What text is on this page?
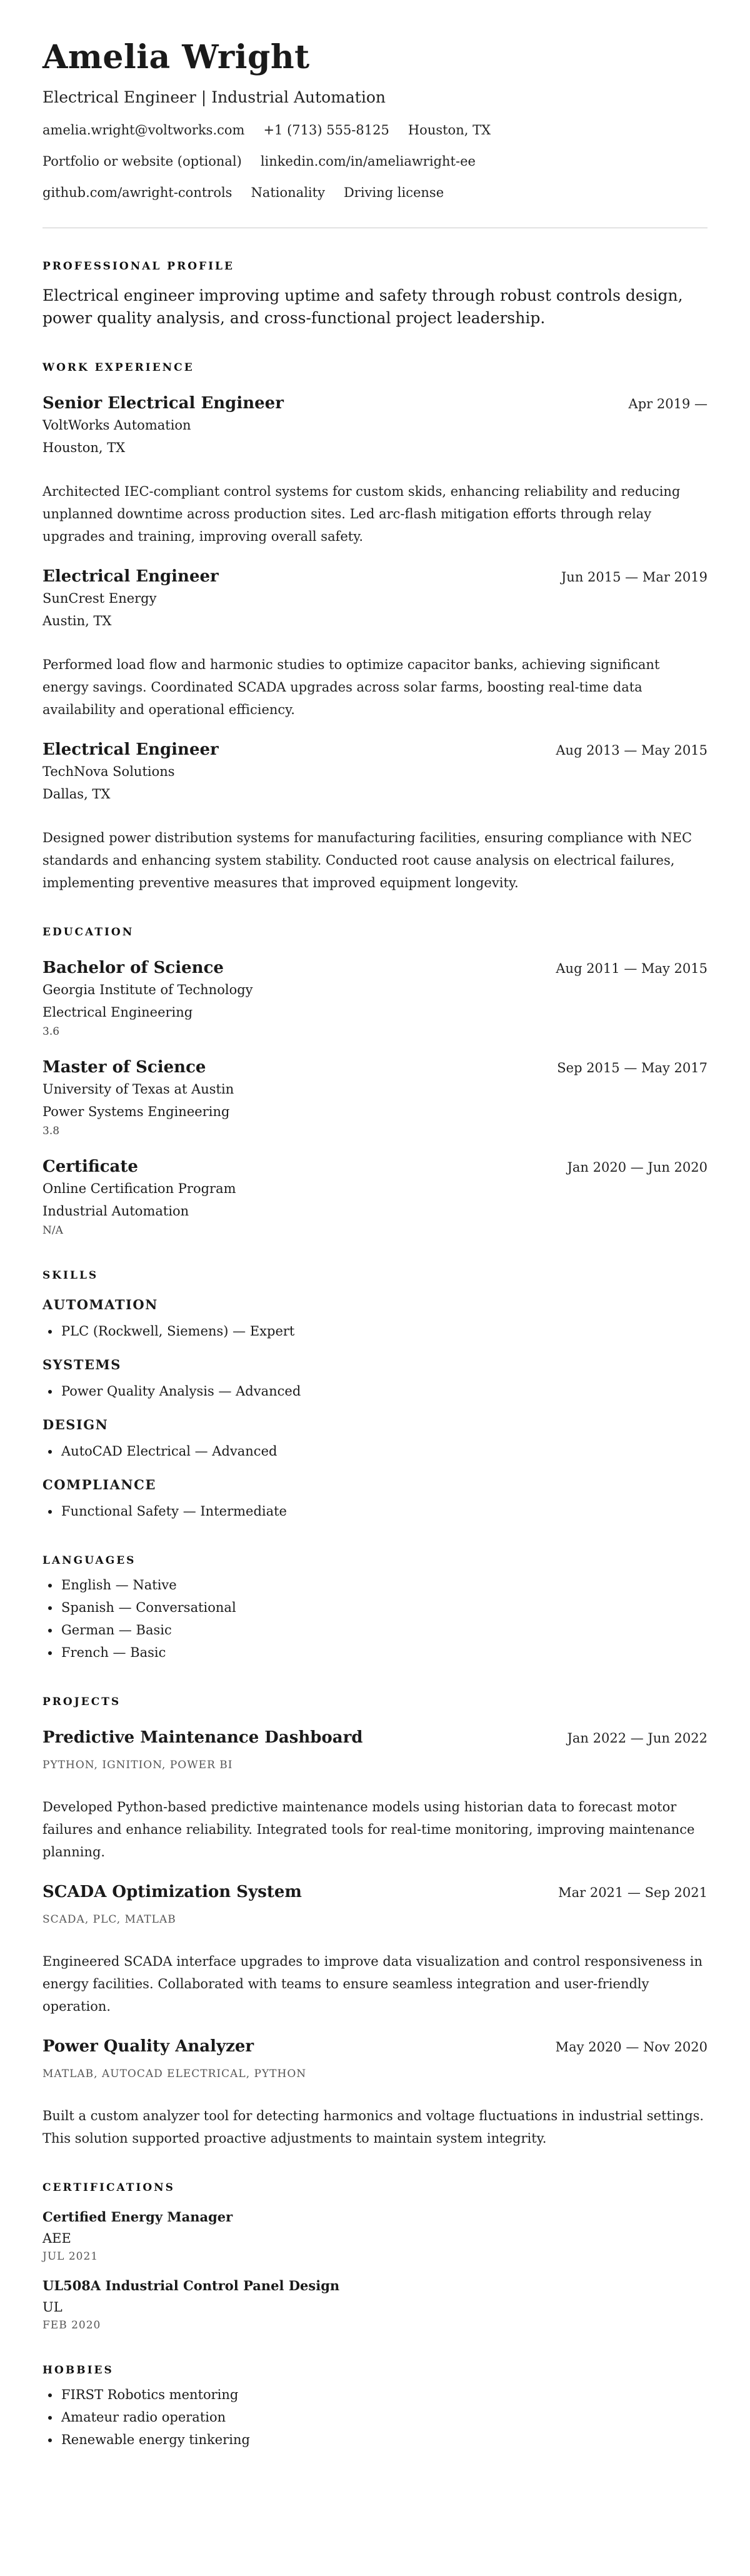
Amelia Wright
Electrical Engineer | Industrial Automation
amelia.wright@voltworks.com +1 (713) 555-8125 Houston, TX
Portfolio or website (optional) linkedin.com/in/ameliawright-ee
github.com/awright-controls Nationality Driving license
PROFESSIONAL PROFILE
Electrical engineer improving uptime and safety through robust controls design, power quality analysis, and cross-functional project leadership.
WORK EXPERIENCE
Senior Electrical Engineer	Apr 2019 —
VoltWorks Automation
Houston, TX
Architected IEC-compliant control systems for custom skids, enhancing reliability and reducing unplanned downtime across production sites. Led arc-flash mitigation efforts through relay upgrades and training, improving overall safety.
Electrical Engineer	Jun 2015 — Mar 2019
SunCrest Energy
Austin, TX
Performed load flow and harmonic studies to optimize capacitor banks, achieving significant energy savings. Coordinated SCADA upgrades across solar farms, boosting real-time data availability and operational efficiency.
Electrical Engineer	Aug 2013 — May 2015
TechNova Solutions
Dallas, TX
Designed power distribution systems for manufacturing facilities, ensuring compliance with NEC standards and enhancing system stability. Conducted root cause analysis on electrical failures, implementing preventive measures that improved equipment longevity.
EDUCATION
Bachelor of Science	Aug 2011 — May 2015
Georgia Institute of Technology
Electrical Engineering
3.6
Master of Science	Sep 2015 — May 2017
University of Texas at Austin
Power Systems Engineering
3.8
Certificate	Jan 2020 — Jun 2020
Online Certification Program
Industrial Automation
N/A
SKILLS
AUTOMATION
• PLC (Rockwell, Siemens) — Expert
SYSTEMS
• Power Quality Analysis — Advanced
DESIGN
• AutoCAD Electrical — Advanced
COMPLIANCE
• Functional Safety — Intermediate
LANGUAGES
• English — Native
• Spanish — Conversational
• German — Basic
• French — Basic
PROJECTS
Predictive Maintenance Dashboard	Jan 2022 — Jun 2022
PYTHON, IGNITION, POWER BI
Developed Python-based predictive maintenance models using historian data to forecast motor failures and enhance reliability. Integrated tools for real-time monitoring, improving maintenance planning.
SCADA Optimization System	Mar 2021 — Sep 2021
SCADA, PLC, MATLAB
Engineered SCADA interface upgrades to improve data visualization and control responsiveness in energy facilities. Collaborated with teams to ensure seamless integration and user-friendly operation.
Power Quality Analyzer	May 2020 — Nov 2020
MATLAB, AUTOCAD ELECTRICAL, PYTHON
Built a custom analyzer tool for detecting harmonics and voltage fluctuations in industrial settings. This solution supported proactive adjustments to maintain system integrity.
CERTIFICATIONS
Certified Energy Manager
AEE
JUL 2021
UL508A Industrial Control Panel Design
UL
FEB 2020
HOBBIES
• FIRST Robotics mentoring
• Amateur radio operation
• Renewable energy tinkering
